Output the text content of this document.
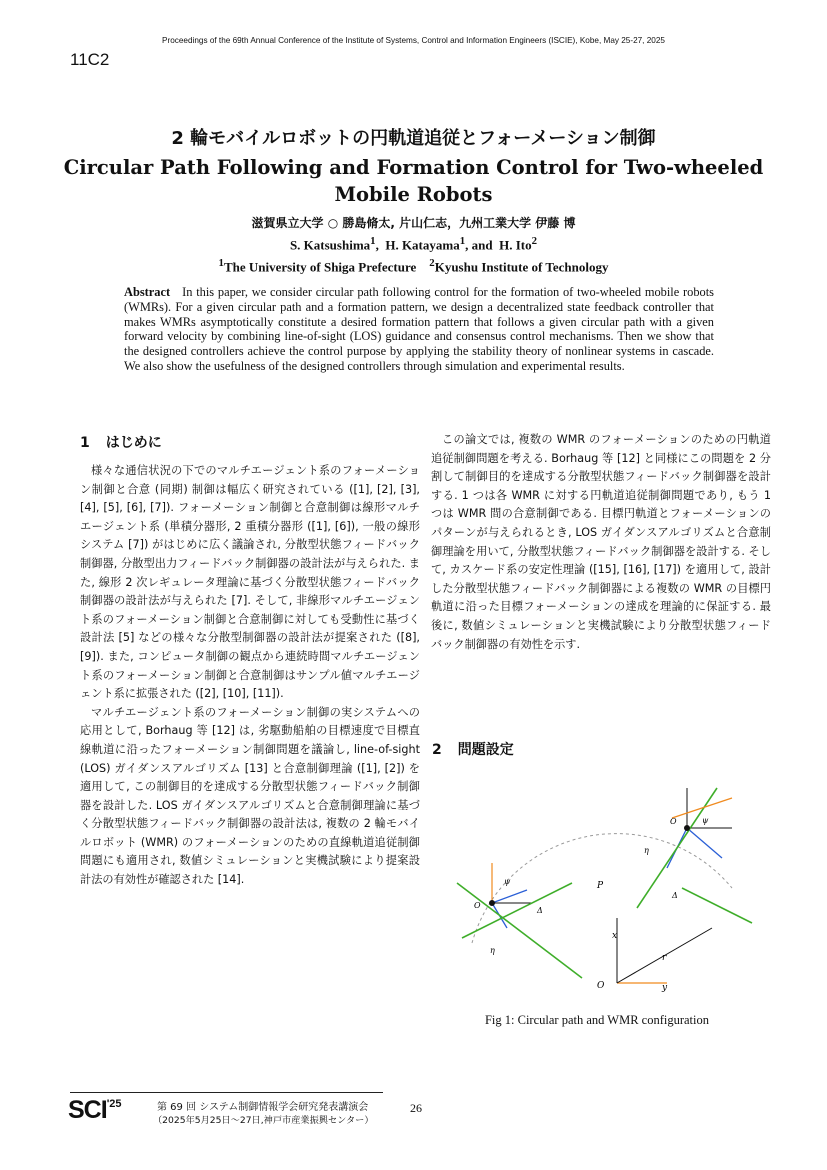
Proceedings of the 69th Annual Conference of the Institute of Systems, Control and Information Engineers (ISCIE), Kobe, May 25-27, 2025
11C2
2 輪モバイルロボットの円軌道追従とフォーメーション制御
Circular Path Following and Formation Control for Two-wheeled
Mobile Robots
滋賀県立大学 ○ 勝島脩太, 片山仁志，九州工業大学 伊藤 博
S. Katsushima$^1$,  H. Katayama$^1$, and H. Ito$^2$
$^1$The University of Shiga Prefecture $^2$Kyushu Institute of Technology
Abstract In this paper, we consider circular path following control for the formation of two-wheeled mobile robots (WMRs). For a given circular path and a formation pattern, we design a decentralized state feedback controller that makes WMRs asymptotically constitute a desired formation pattern that follows a given circular path with a given forward velocity by combining line-of-sight (LOS) guidance and consensus control mechanisms. Then we show that the designed controllers achieve the control purpose by applying the stability theory of nonlinear systems in cascade. We also show the usefulness of the designed controllers through simulation and experimental results.
1 はじめに

様々な通信状況の下でのマルチエージェント系のフォーメーション制御と合意 (同期) 制御は幅広く研究されている ([1], [2], [3], [4], [5], [6], [7]). フォーメーション制御と合意制御は線形マルチエージェント系 (単積分器形, 2 重積分器形 ([1], [6]), 一般の線形システム [7]) がはじめに広く議論され, 分散型状態フィードバック制御器, 分散型出力フィードバック制御器の設計法が与えられた. また, 線形 2 次レギュレータ理論に基づく分散型状態フィードバック制御器の設計法が与えられた [7]. そして, 非線形マルチエージェント系のフォーメーション制御と合意制御に対しても受動性に基づく設計法 [5] などの様々な分散型制御器の設計法が提案された ([8], [9]). また, コンピュータ制御の観点から連続時間マルチエージェント系のフォーメーション制御と合意制御はサンプル値マルチエージェント系に拡張された ([2], [10], [11]).

マルチエージェント系のフォーメーション制御の実システムへの応用として, Borhaug 等 [12] は, 劣駆動船舶の目標速度で目標直線軌道に沿ったフォーメーション制御問題を議論し, line-of-sight (LOS) ガイダンスアルゴリズム [13] と合意制御理論 ([1], [2]) を適用して, この制御目的を達成する分散型状態フィードバック制御器を設計した. LOS ガイダンスアルゴリズムと合意制御理論に基づく分散型状態フィードバック制御器の設計法は, 複数の 2 輪モバイルロボット (WMR) のフォーメーションのための直線軌道追従制御問題にも適用され, 数値シミュレーションと実機試験により提案設計法の有効性が確認された [14].

この論文では, 複数の WMR のフォーメーションのための円軌道追従制御問題を考える. Borhaug 等 [12] と同様にこの問題を 2 分割して制御目的を達成する分散型状態フィードバック制御器を設計する. 1 つは各 WMR に対する円軌道追従制御問題であり, もう 1 つは WMR 間の合意制御である. 目標円軌道とフォーメーションのパターンが与えられるとき, LOS ガイダンスアルゴリズムと合意制御理論を用いて, 分散型状態フィードバック制御器を設計する. そして, カスケード系の安定性理論 ([15], [16], [17]) を適用して, 設計した分散型状態フィードバック制御器による複数の WMR の目標円軌道に沿った目標フォーメーションの達成を理論的に保証する. 最後に, 数値シミュレーションと実機試験により分散型状態フィードバック制御器の有効性を示す.

2 問題設定
O
x
y
r
O
η
Δ
ψ
O
η
Δ
ψ	P
Fig 1: Circular path and WMR configuration
$SCI^{'25}$	第 69 回 システム制御情報学会研究発表講演会
（2025年5月25日〜27日,神戸市産業振興センター）
26
